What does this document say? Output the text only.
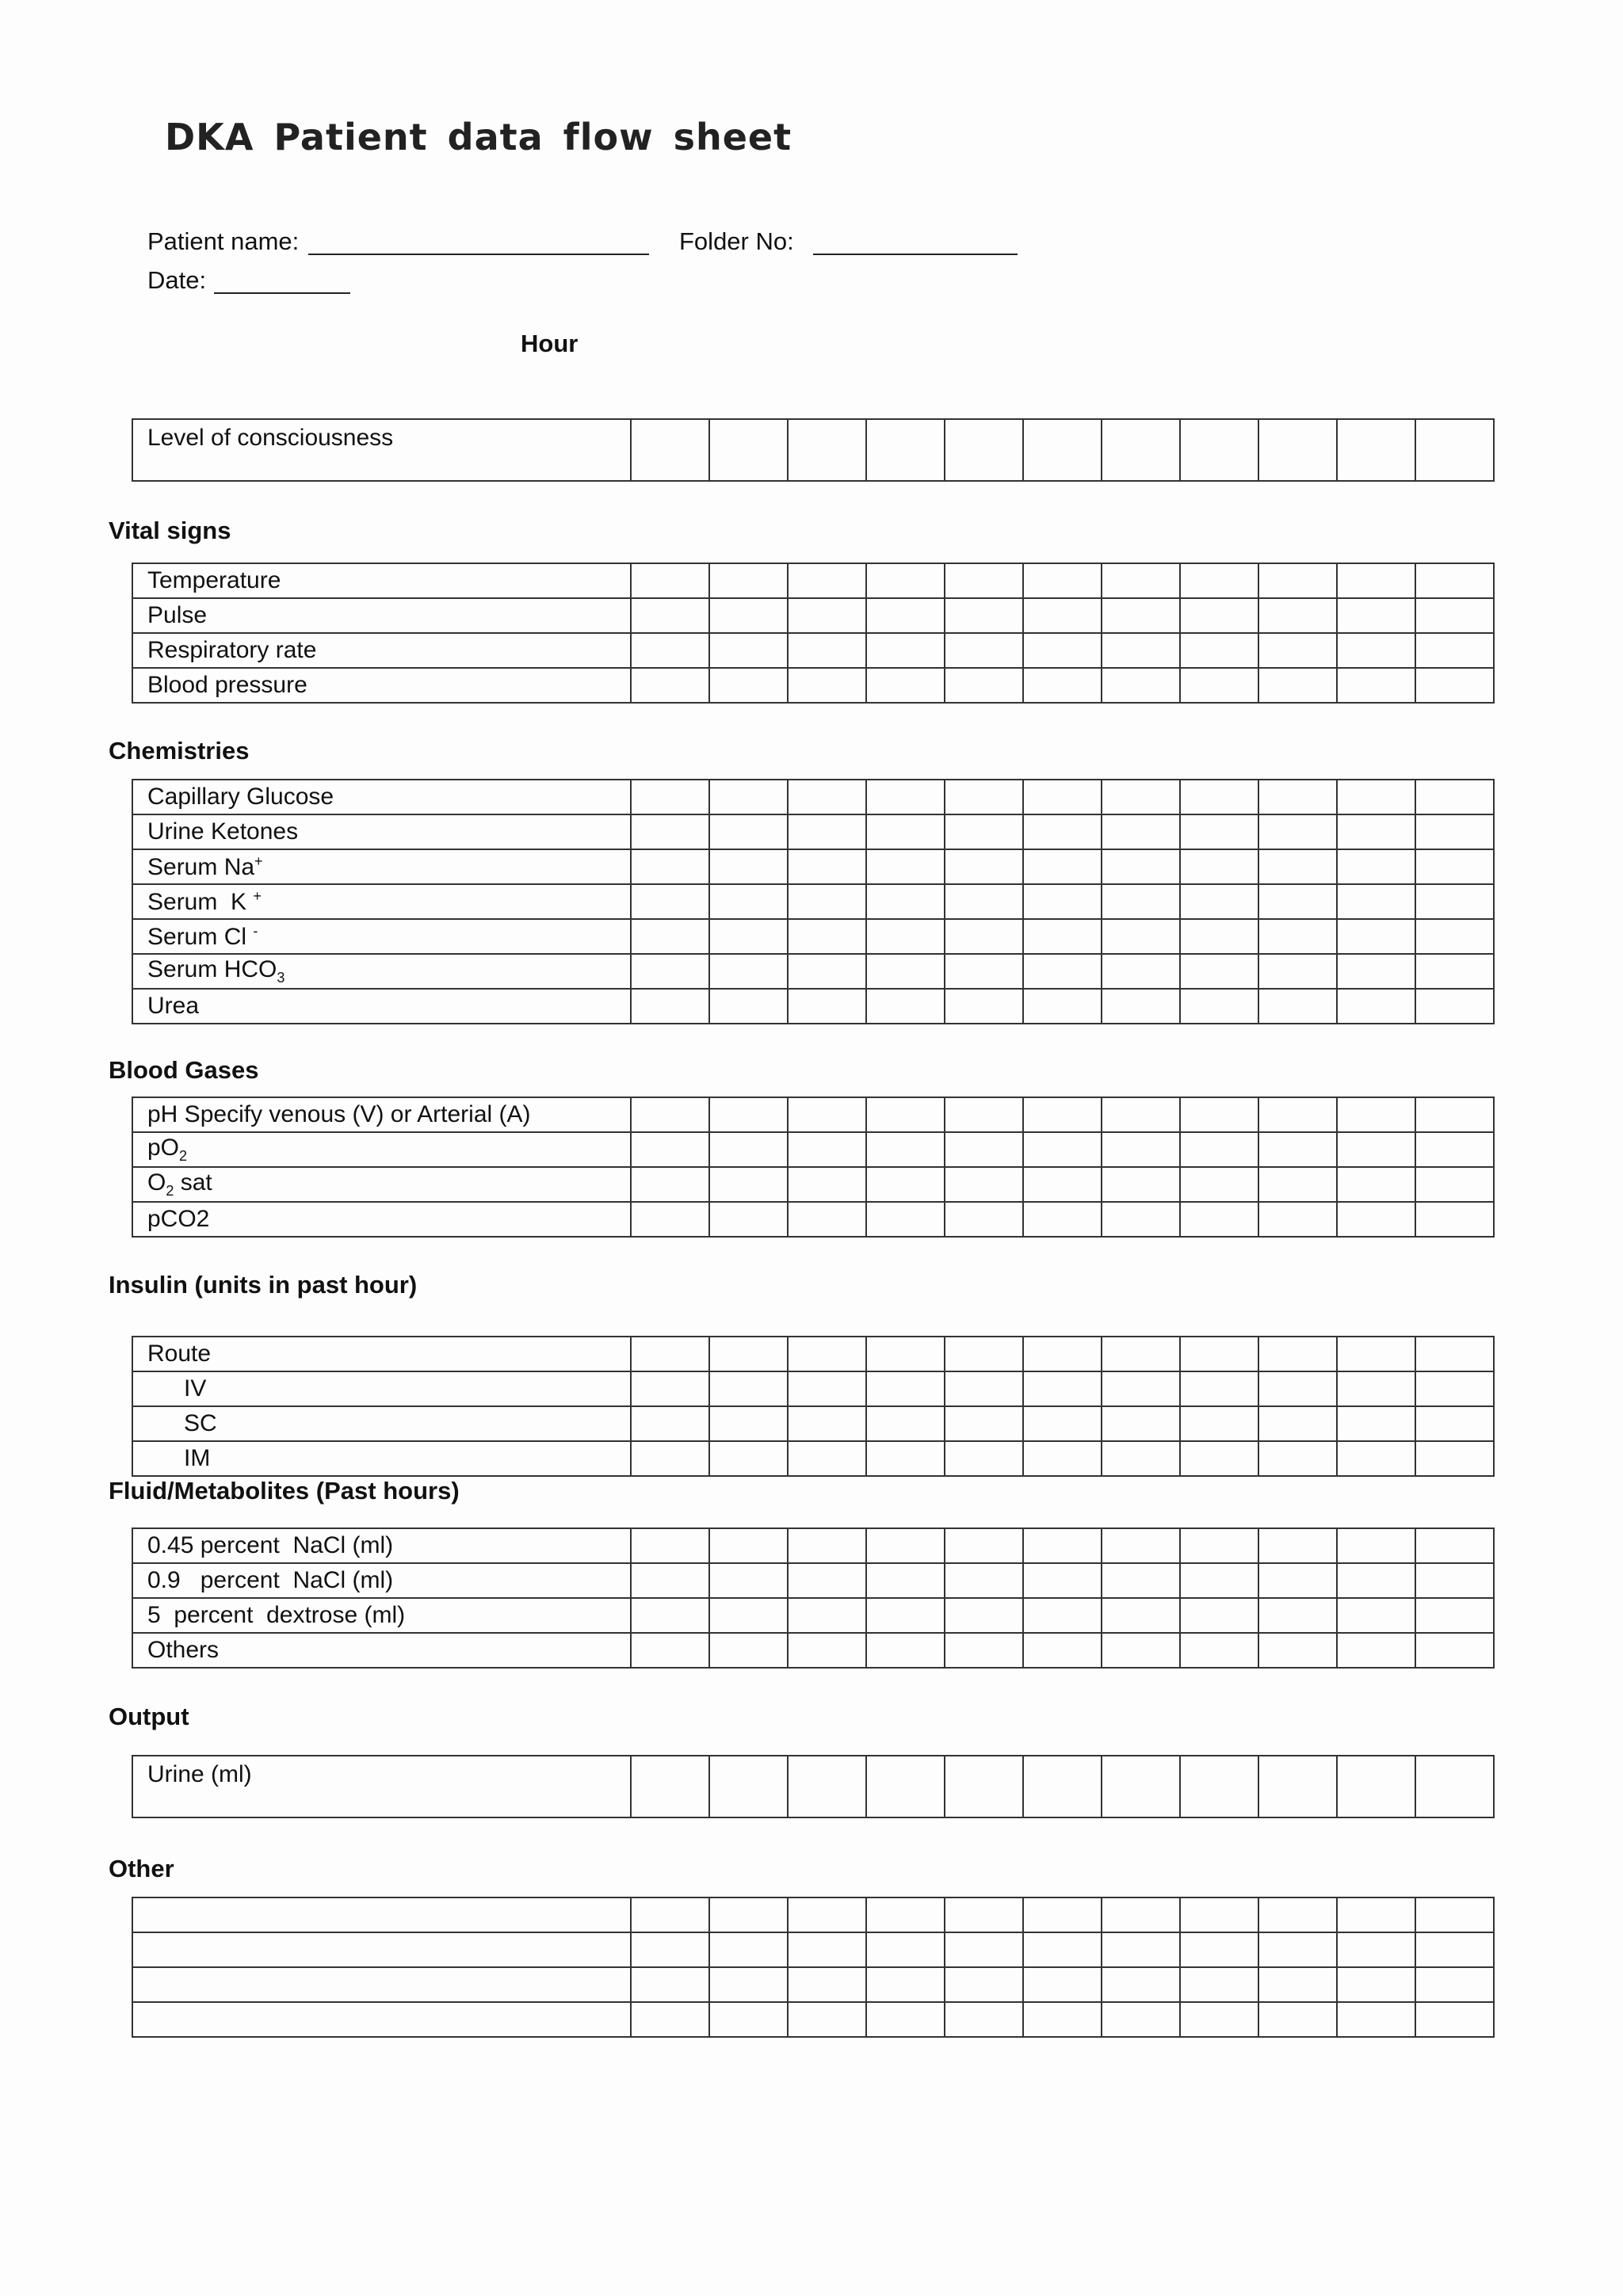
DKA Patient data flow sheet
Patient name:	Folder No:
Date:
Hour
Level of consciousness											
Vital signs
Temperature											
Pulse											
Respiratory rate											
Blood pressure											
Chemistries
Capillary Glucose											
Urine Ketones											
Serum Na+											
Serum  K +											
Serum Cl -											
Serum $HCO_3$											
Urea											
Blood Gases
pH Specify venous (V) or Arterial (A)											
$pO_2$											
$O_2$ sat											
pCO2											
Insulin (units in past hour)
Route											
IV											
SC											
IM											
Fluid/Metabolites (Past hours)
0.45 percent  NaCl (ml)											
0.9   percent  NaCl (ml)											
5  percent  dextrose (ml)											
Others											
Output
Urine (ml)											
Other
